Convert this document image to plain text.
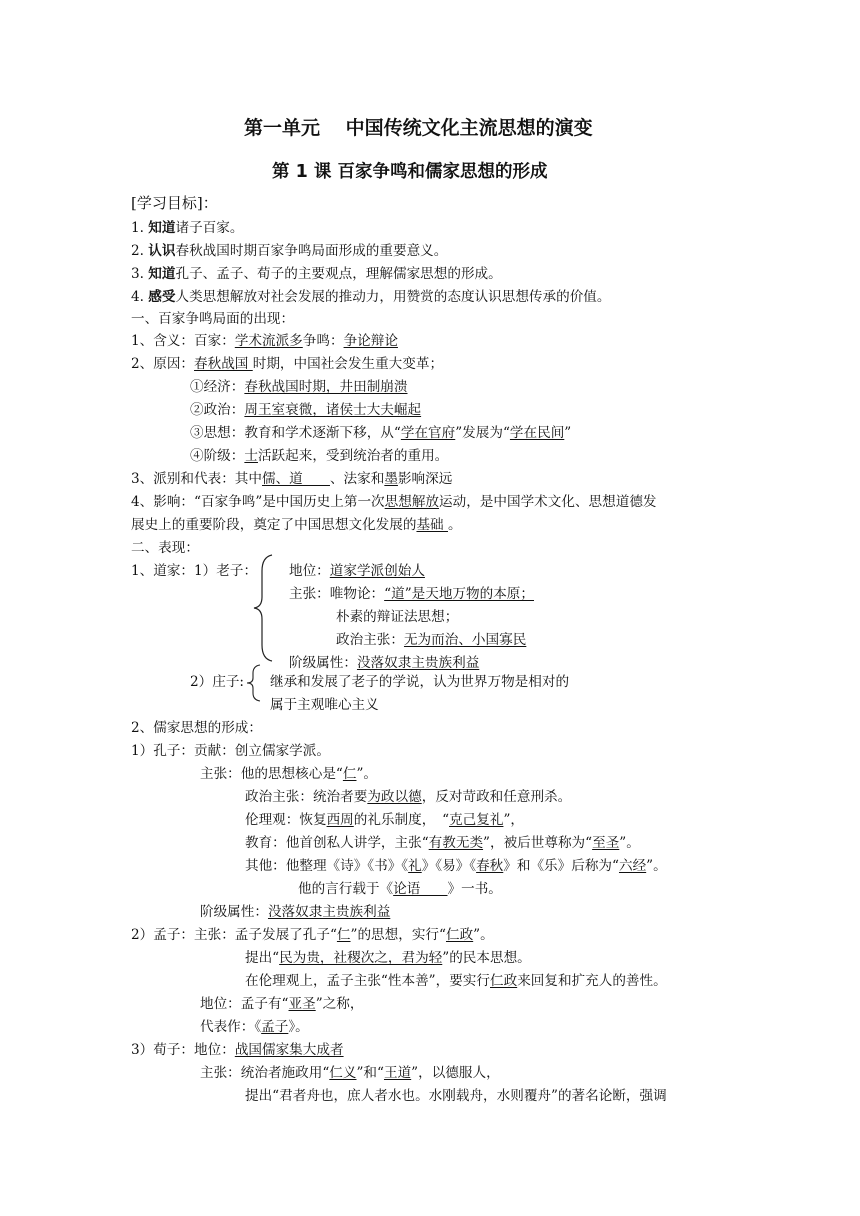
第一单元　 中国传统文化主流思想的演变
第 1 课 百家争鸣和儒家思想的形成
[学习目标]：
1. 知道诸子百家。
2. 认识春秋战国时期百家争鸣局面形成的重要意义。
3. 知道孔子、孟子、荀子的主要观点，理解儒家思想的形成。
4. 感受人类思想解放对社会发展的推动力，用赞赏的态度认识思想传承的价值。
一、百家争鸣局面的出现：
1、含义：百家：学术流派多争鸣：争论辩论
2、原因：春秋战国 时期，中国社会发生重大变革；
①经济：春秋战国时期，井田制崩溃
②政治：周王室衰微，诸侯士大夫崛起
③思想：教育和学术逐渐下移，从“学在官府”发展为“学在民间”
④阶级：士活跃起来，受到统治者的重用。
3、派别和代表：其中儒、道　　、法家和墨影响深远
4、影响：“百家争鸣”是中国历史上第一次思想解放运动，是中国学术文化、思想道德发
展史上的重要阶段，奠定了中国思想文化发展的基础 。
二、表现：
1、道家：1）老子： 地位：道家学派创始人
主张：唯物论：“道”是天地万物的本原；
朴素的辩证法思想；
政治主张：无为而治、小国寡民
阶级属性：没落奴隶主贵族利益
2）庄子: 继承和发展了老子的学说，认为世界万物是相对的
属于主观唯心主义
2、儒家思想的形成：
1）孔子：贡献：创立儒家学派。
主张：他的思想核心是“仁”。
政治主张：统治者要为政以德，反对苛政和任意刑杀。
伦理观：恢复西周的礼乐制度，　“克己复礼”，
教育：他首创私人讲学，主张“有教无类”，被后世尊称为“至圣”。
其他：他整理《诗》《书》《礼》《易》《春秋》和《乐》后称为“六经”。
他的言行载于《论语　　》一书。
阶级属性：没落奴隶主贵族利益
2）孟子：主张：孟子发展了孔子“仁”的思想，实行“仁政”。
提出“民为贵，社稷次之，君为轻”的民本思想。
在伦理观上，孟子主张“性本善”，要实行仁政来回复和扩充人的善性。
地位：孟子有“亚圣”之称，
代表作：《孟子》。
3）荀子：地位：战国儒家集大成者
主张：统治者施政用“仁义”和“王道”，以德服人，
提出“君者舟也，庶人者水也。水刚载舟，水则覆舟”的著名论断，强调
